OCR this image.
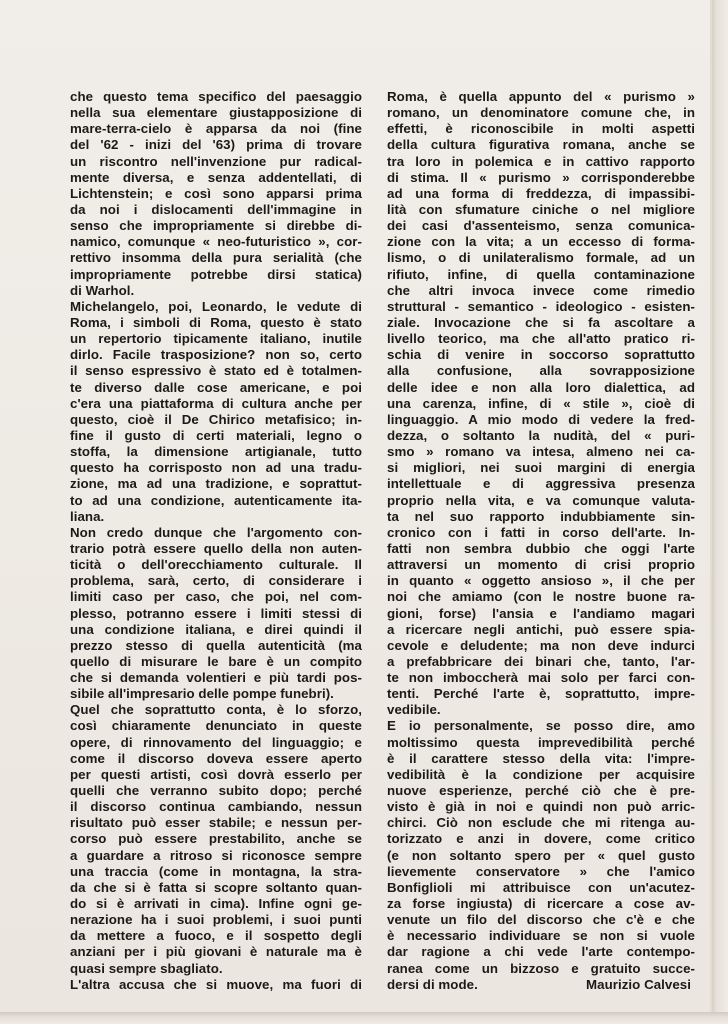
che questo tema specifico del paesaggio
nella sua elementare giustapposizione di
mare-terra-cielo è apparsa da noi (fine
del '62 - inizi del '63) prima di trovare
un riscontro nell'invenzione pur radical-
mente diversa, e senza addentellati, di
Lichtenstein; e così sono apparsi prima
da noi i dislocamenti dell'immagine in
senso che impropriamente si direbbe di-
namico, comunque « neo-futuristico », cor-
rettivo insomma della pura serialità (che
impropriamente potrebbe dirsi statica)
di Warhol.
Michelangelo, poi, Leonardo, le vedute di
Roma, i simboli di Roma, questo è stato
un repertorio tipicamente italiano, inutile
dirlo. Facile trasposizione? non so, certo
il senso espressivo è stato ed è totalmen-
te diverso dalle cose americane, e poi
c'era una piattaforma di cultura anche per
questo, cioè il De Chirico metafisico; in-
fine il gusto di certi materiali, legno o
stoffa, la dimensione artigianale, tutto
questo ha corrisposto non ad una tradu-
zione, ma ad una tradizione, e soprattut-
to ad una condizione, autenticamente ita-
liana.
Non credo dunque che l'argomento con-
trario potrà essere quello della non auten-
ticità o dell'orecchiamento culturale. Il
problema, sarà, certo, di considerare i
limiti caso per caso, che poi, nel com-
plesso, potranno essere i limiti stessi di
una condizione italiana, e direi quindi il
prezzo stesso di quella autenticità (ma
quello di misurare le bare è un compito
che si demanda volentieri e più tardi pos-
sibile all'impresario delle pompe funebri).
Quel che soprattutto conta, è lo sforzo,
così chiaramente denunciato in queste
opere, di rinnovamento del linguaggio; e
come il discorso doveva essere aperto
per questi artisti, così dovrà esserlo per
quelli che verranno subito dopo; perché
il discorso continua cambiando, nessun
risultato può esser stabile; e nessun per-
corso può essere prestabilito, anche se
a guardare a ritroso si riconosce sempre
una traccia (come in montagna, la stra-
da che si è fatta si scopre soltanto quan-
do si è arrivati in cima). Infine ogni ge-
nerazione ha i suoi problemi, i suoi punti
da mettere a fuoco, e il sospetto degli
anziani per i più giovani è naturale ma è
quasi sempre sbagliato.
L'altra accusa che si muove, ma fuori di
Roma, è quella appunto del « purismo »
romano, un denominatore comune che, in
effetti, è riconoscibile in molti aspetti
della cultura figurativa romana, anche se
tra loro in polemica e in cattivo rapporto
di stima. Il « purismo » corrisponderebbe
ad una forma di freddezza, di impassibi-
lità con sfumature ciniche o nel migliore
dei casi d'assenteismo, senza comunica-
zione con la vita; a un eccesso di forma-
lismo, o di unilateralismo formale, ad un
rifiuto, infine, di quella contaminazione
che altri invoca invece come rimedio
struttural - semantico - ideologico - esisten-
ziale. Invocazione che si fa ascoltare a
livello teorico, ma che all'atto pratico ri-
schia di venire in soccorso soprattutto
alla confusione, alla sovrapposizione
delle idee e non alla loro dialettica, ad
una carenza, infine, di « stile », cioè di
linguaggio. A mio modo di vedere la fred-
dezza, o soltanto la nudità, del « puri-
smo » romano va intesa, almeno nei ca-
si migliori, nei suoi margini di energia
intellettuale e di aggressiva presenza
proprio nella vita, e va comunque valuta-
ta nel suo rapporto indubbiamente sin-
cronico con i fatti in corso dell'arte. In-
fatti non sembra dubbio che oggi l'arte
attraversi un momento di crisi proprio
in quanto « oggetto ansioso », il che per
noi che amiamo (con le nostre buone ra-
gioni, forse) l'ansia e l'andiamo magari
a ricercare negli antichi, può essere spia-
cevole e deludente; ma non deve indurci
a prefabbricare dei binari che, tanto, l'ar-
te non imboccherà mai solo per farci con-
tenti. Perché l'arte è, soprattutto, impre-
vedibile.
E io personalmente, se posso dire, amo
moltissimo questa imprevedibilità perché
è il carattere stesso della vita: l'impre-
vedibilità è la condizione per acquisire
nuove esperienze, perché ciò che è pre-
visto è già in noi e quindi non può arric-
chirci. Ciò non esclude che mi ritenga au-
torizzato e anzi in dovere, come critico
(e non soltanto spero per « quel gusto
lievemente conservatore » che l'amico
Bonfiglioli mi attribuisce con un'acutez-
za forse ingiusta) di ricercare a cose av-
venute un filo del discorso che c'è e che
è necessario individuare se non si vuole
dar ragione a chi vede l'arte contempo-
ranea come un bizzoso e gratuito succe-
dersi di mode.	Maurizio Calvesi
